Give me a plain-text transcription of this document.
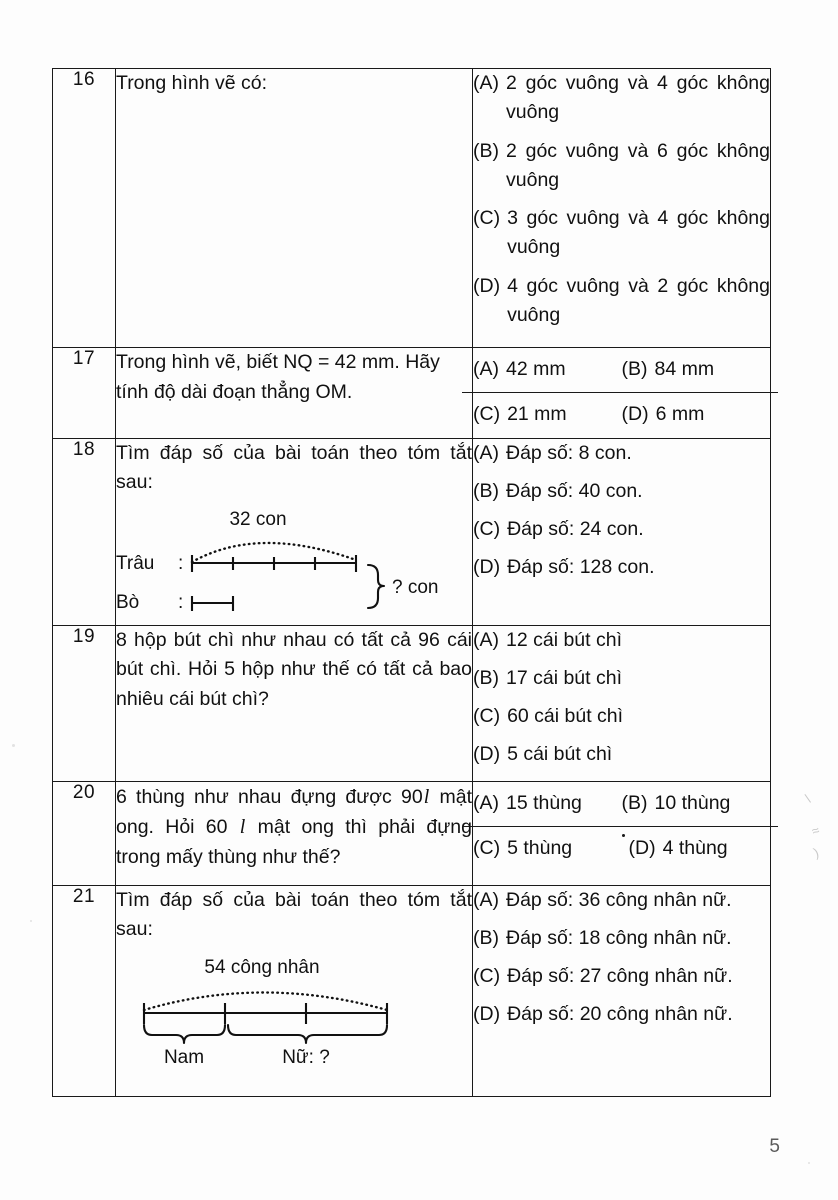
\
≈
)
16	Trong hình vẽ có:	(A) 2 góc vuông và 4 góc không vuông
(B) 2 góc vuông và 6 góc không vuông
(C) 3 góc vuông và 4 góc không vuông
(D) 4 góc vuông và 2 góc không vuông

17	Trong hình vẽ, biết NQ = 42 mm. Hãy tính độ dài đoạn thẳng OM.

(A) 42 mm	(B) 84 mm
(C) 21 mm	(D) 6 mm

18	Tìm đáp số của bài toán theo tóm tắt sau:

32 con
Trâu :
Bò :
? con

(A) Đáp số: 8 con.
(B) Đáp số: 40 con.
(C) Đáp số: 24 con.
(D) Đáp số: 128 con.

19	8 hộp bút chì như nhau có tất cả 96 cái bút chì. Hỏi 5 hộp như thế có tất cả bao nhiêu cái bút chì?

(A) 12 cái bút chì
(B) 17 cái bút chì
(C) 60 cái bút chì
(D) 5 cái bút chì

20	6 thùng như nhau đựng được 90l mật ong. Hỏi 60 l mật ong thì phải đựng trong mấy thùng như thế?

(A) 15 thùng	(B) 10 thùng
(C) 5 thùng	(D) 4 thùng

21	Tìm đáp số của bài toán theo tóm tắt sau:

54 công nhân
Nam	Nữ: ?

(A) Đáp số: 36 công nhân nữ.
(B) Đáp số: 18 công nhân nữ.
(C) Đáp số: 27 công nhân nữ.
(D) Đáp số: 20 công nhân nữ.
5
